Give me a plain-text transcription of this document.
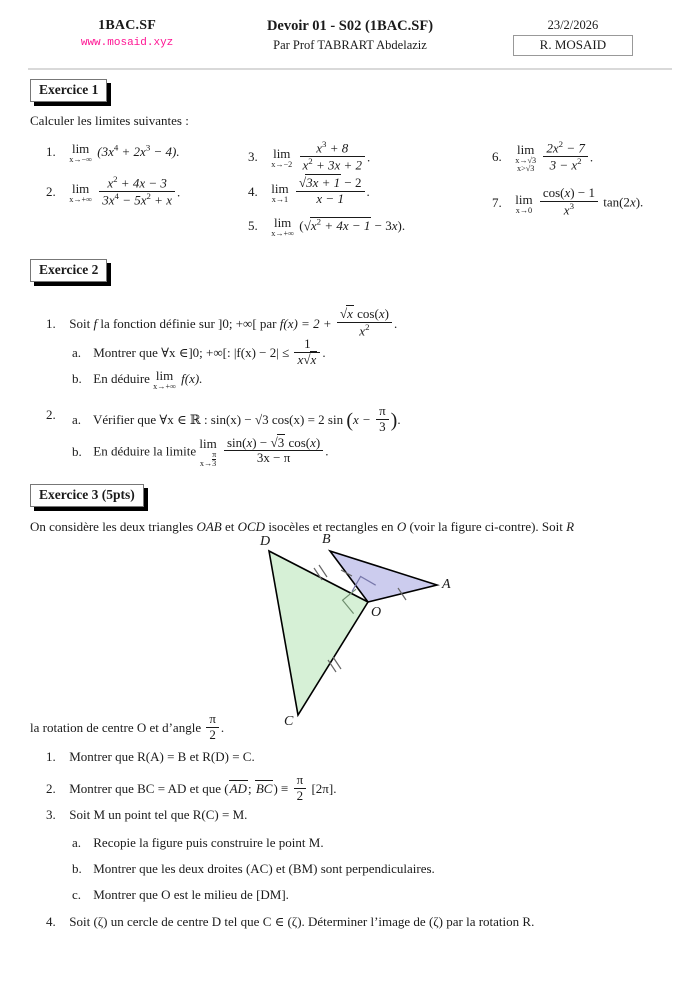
1BAC.SF
www.mosaid.xyz
Devoir 01 - S02 (1BAC.SF)
Par Prof TABRART Abdelaziz
23/2/2026
R. MOSAID
Exercice 1
Calculer les limites suivantes :
1. lim
x→−∞
$(3x^4 + 2x^3 - 4)$.
2. lim
x→+∞
$\frac{x^2 + 4x - 3}{3x^4 - 5x^2 + x}$ .
3. lim
x→−2
$\frac{x^3 + 8}{x^2 + 3x + 2}$ .
4. lim
x→1
$\frac{√3x + 1 - 2}{x - 1}$ .
5. lim
x→+∞
$(√x^2 + 4x - 1 - 3x)$.
6. lim
x→√3
x>√3
$\frac{2x^2 - 7}{3 - x^2}$ .
7. lim
x→0
$\frac{\cos(x) - 1}{x^3} \tan(2x)$.
Exercice 2
1. Soit f la fonction définie sur ]0; +∞[ par $f(x) = 2 + \frac{\text{√x cos(x)}}{x^2}$ .
a. Montrer que ∀x ∈]0; +∞[: $|f(x) - 2| \le \frac{1}{x√x}$ .
b. En déduire lim
x→+∞
f(x).
2.	a. Vérifier que ∀x ∈ ℝ : sin(x) − √3 cos(x) = 2 $\sin (x - \frac{\pi}{3}$ ).
b. En déduire la limite
lim
$x\to \frac{\pi}{3}$
$\frac{\sin(x) - √3 \cos(x)}{3x - \pi}$ .
Exercice 3 (5pts)
On considère les deux triangles OAB et OCD isocèles et rectangles en O (voir la figure ci-contre). Soit R
D	B
A
O
C
la rotation de centre O et d’angle $\frac{\pi}{2}$ .
1. Montrer que R(A) = B et R(D) = C.
2. Montrer que BC = AD et que (AD; $BC) \equiv \frac{\pi}{2} [2\pi]$.
3. Soit M un point tel que R(C) = M.
a. Recopie la figure puis construire le point M.
b. Montrer que les deux droites (AC) et (BM) sont perpendiculaires.
c. Montrer que O est le milieu de [DM].
4. Soit (ζ) un cercle de centre D tel que C ∈ (ζ). Déterminer l’image de (ζ) par la rotation R.
